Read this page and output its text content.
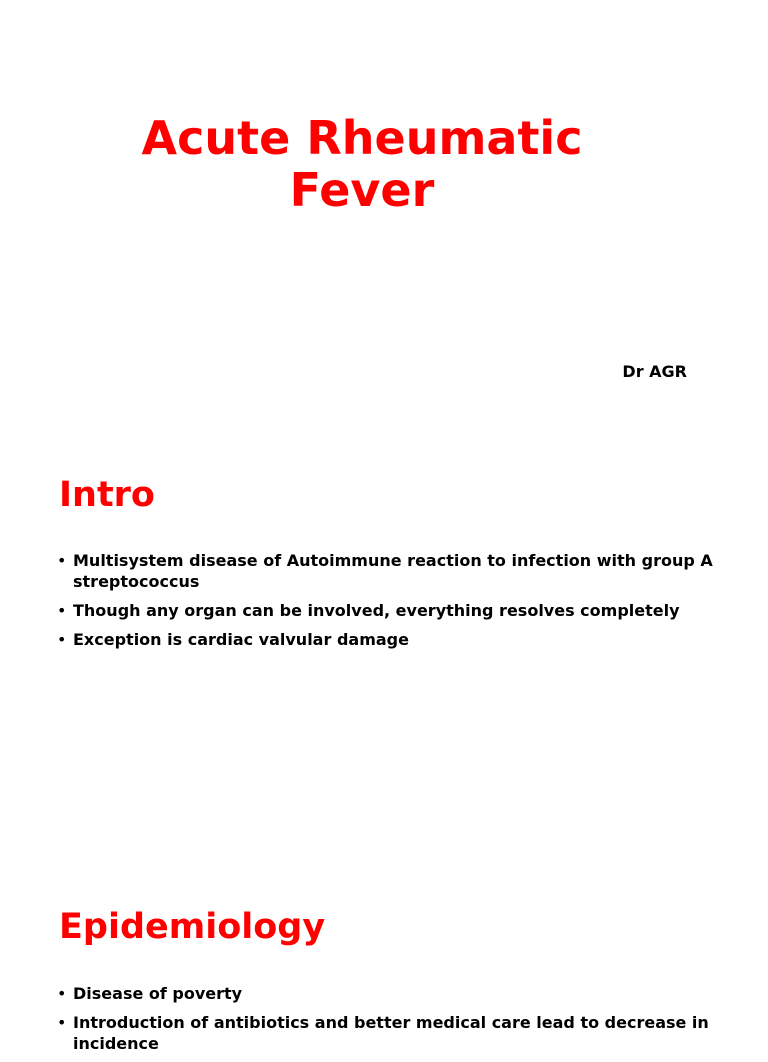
Acute Rheumatic
Fever
Dr AGR
Intro
• Multisystem disease of Autoimmune reaction to infection with group A streptococcus
• Though any organ can be involved, everything resolves completely
• Exception is cardiac valvular damage
Epidemiology
• Disease of poverty
• Introduction of antibiotics and better medical care lead to decrease in incidence
